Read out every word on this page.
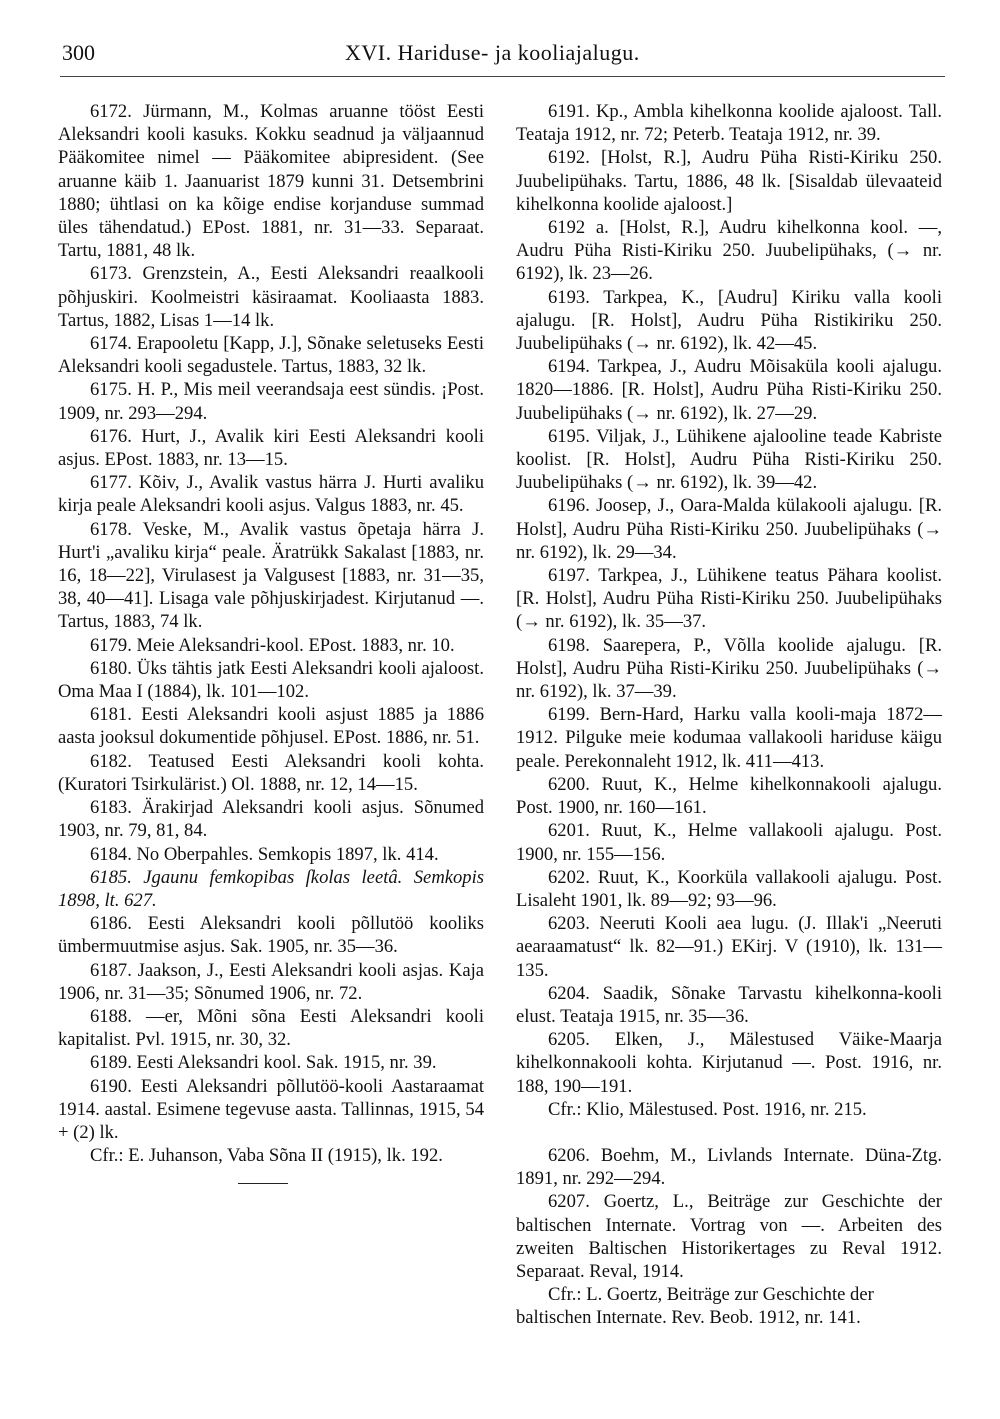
300	XVI. Hariduse- ja kooliajalugu.

6172. Jürmann, M., Kolmas aruanne tööst Eesti Aleksandri kooli kasuks. Kokku seadnud ja väljaannud Pääkomitee nimel — Pääkomitee abipresident. (See aruanne käib 1. Jaanuarist 1879 kunni 31. Detsembrini 1880; ühtlasi on ka kõige endise korjanduse summad üles tähendatud.) EPost. 1881, nr. 31—33. Separaat. Tartu, 1881, 48 lk.

6173. Grenzstein, A., Eesti Aleksandri reaalkooli põhjuskiri. Koolmeistri käsiraamat. Kooliaasta 1883. Tartus, 1882, Lisas 1—14 lk.

6174. Erapooletu [Kapp, J.], Sõnake seletuseks Eesti Aleksandri kooli segadustele. Tartus, 1883, 32 lk.

6175. H. P., Mis meil veerandsaja eest sündis. ¡Post. 1909, nr. 293—294.

6176. Hurt, J., Avalik kiri Eesti Aleksandri kooli asjus. EPost. 1883, nr. 13—15.

6177. Kõiv, J., Avalik vastus härra J. Hurti avaliku kirja peale Aleksandri kooli asjus. Valgus 1883, nr. 45.

6178. Veske, M., Avalik vastus õpetaja härra J. Hurt'i „avaliku kirja“ peale. Äratrükk Sakalast [1883, nr. 16, 18—22], Virulasest ja Valgusest [1883, nr. 31—35, 38, 40—41]. Lisaga vale põhjuskirjadest. Kirjutanud —. Tartus, 1883, 74 lk.

6179. Meie Aleksandri-kool. EPost. 1883, nr. 10.

6180. Üks tähtis jatk Eesti Aleksandri kooli ajaloost. Oma Maa I (1884), lk. 101—102.

6181. Eesti Aleksandri kooli asjust 1885 ja 1886 aasta jooksul dokumentide põhjusel. EPost. 1886, nr. 51.

6182. Teatused Eesti Aleksandri kooli kohta. (Kuratori Tsirkulärist.) Ol. 1888, nr. 12, 14—15.

6183. Ärakirjad Aleksandri kooli asjus. Sõnumed 1903, nr. 79, 81, 84.

6184. No Oberpahles. Semkopis 1897, lk. 414.

6185. Jgaunu femkopibas ſkolas leetâ. Semkopis 1898, lt. 627.

6186. Eesti Aleksandri kooli põllutöö kooliks ümbermuutmise asjus. Sak. 1905, nr. 35—36.

6187. Jaakson, J., Eesti Aleksandri kooli asjas. Kaja 1906, nr. 31—35; Sõnumed 1906, nr. 72.

6188. —er, Mõni sõna Eesti Aleksandri kooli kapitalist. Pvl. 1915, nr. 30, 32.

6189. Eesti Aleksandri kool. Sak. 1915, nr. 39.

6190. Eesti Aleksandri põllutöö-kooli Aastaraamat 1914. aastal. Esimene tegevuse aasta. Tallinnas, 1915, 54 + (2) lk.

Cfr.: E. Juhanson, Vaba Sõna II (1915), lk. 192.

6191. Kp., Ambla kihelkonna koolide ajaloost. Tall. Teataja 1912, nr. 72; Peterb. Teataja 1912, nr. 39.

6192. [Holst, R.], Audru Püha Risti-Kiriku 250. Juubelipühaks. Tartu, 1886, 48 lk. [Sisaldab ülevaateid kihelkonna koolide ajaloost.]

6192 a. [Holst, R.], Audru kihelkonna kool. —, Audru Püha Risti-Kiriku 250. Juubelipühaks, (→ nr. 6192), lk. 23—26.

6193. Tarkpea, K., [Audru] Kiriku valla kooli ajalugu. [R. Holst], Audru Püha Ristikiriku 250. Juubelipühaks (→ nr. 6192), lk. 42—45.

6194. Tarkpea, J., Audru Mõisaküla kooli ajalugu. 1820—1886. [R. Holst], Audru Püha Risti-Kiriku 250. Juubelipühaks (→ nr. 6192), lk. 27—29.

6195. Viljak, J., Lühikene ajalooline teade Kabriste koolist. [R. Holst], Audru Püha Risti-Kiriku 250. Juubelipühaks (→ nr. 6192), lk. 39—42.

6196. Joosep, J., Oara-Malda külakooli ajalugu. [R. Holst], Audru Püha Risti-Kiriku 250. Juubelipühaks (→ nr. 6192), lk. 29—34.

6197. Tarkpea, J., Lühikene teatus Pähara koolist. [R. Holst], Audru Püha Risti-Kiriku 250. Juubelipühaks (→ nr. 6192), lk. 35—37.

6198. Saarepera, P., Võlla koolide ajalugu. [R. Holst], Audru Püha Risti-Kiriku 250. Juubelipühaks (→ nr. 6192), lk. 37—39.

6199. Bern-Hard, Harku valla kooli-maja 1872—1912. Pilguke meie kodumaa vallakooli hariduse käigu peale. Perekonnaleht 1912, lk. 411—413.

6200. Ruut, K., Helme kihelkonnakooli ajalugu. Post. 1900, nr. 160—161.

6201. Ruut, K., Helme vallakooli ajalugu. Post. 1900, nr. 155—156.

6202. Ruut, K., Koorküla vallakooli ajalugu. Post. Lisaleht 1901, lk. 89—92; 93—96.

6203. Neeruti Kooli aea lugu. (J. Illak'i „Neeruti aearaamatust“ lk. 82—91.) EKirj. V (1910), lk. 131—135.

6204. Saadik, Sõnake Tarvastu kihelkonna-kooli elust. Teataja 1915, nr. 35—36.

6205. Elken, J., Mälestused Väike-Maarja kihelkonnakooli kohta. Kirjutanud —. Post. 1916, nr. 188, 190—191.

Cfr.: Klio, Mälestused. Post. 1916, nr. 215.

6206. Boehm, M., Livlands Internate. Düna-Ztg. 1891, nr. 292—294.

6207. Goertz, L., Beiträge zur Geschichte der baltischen Internate. Vortrag von —. Arbeiten des zweiten Baltischen Historikertages zu Reval 1912. Separaat. Reval, 1914.

Cfr.: L. Goertz, Beiträge zur Geschichte der baltischen Internate. Rev. Beob. 1912, nr. 141.
